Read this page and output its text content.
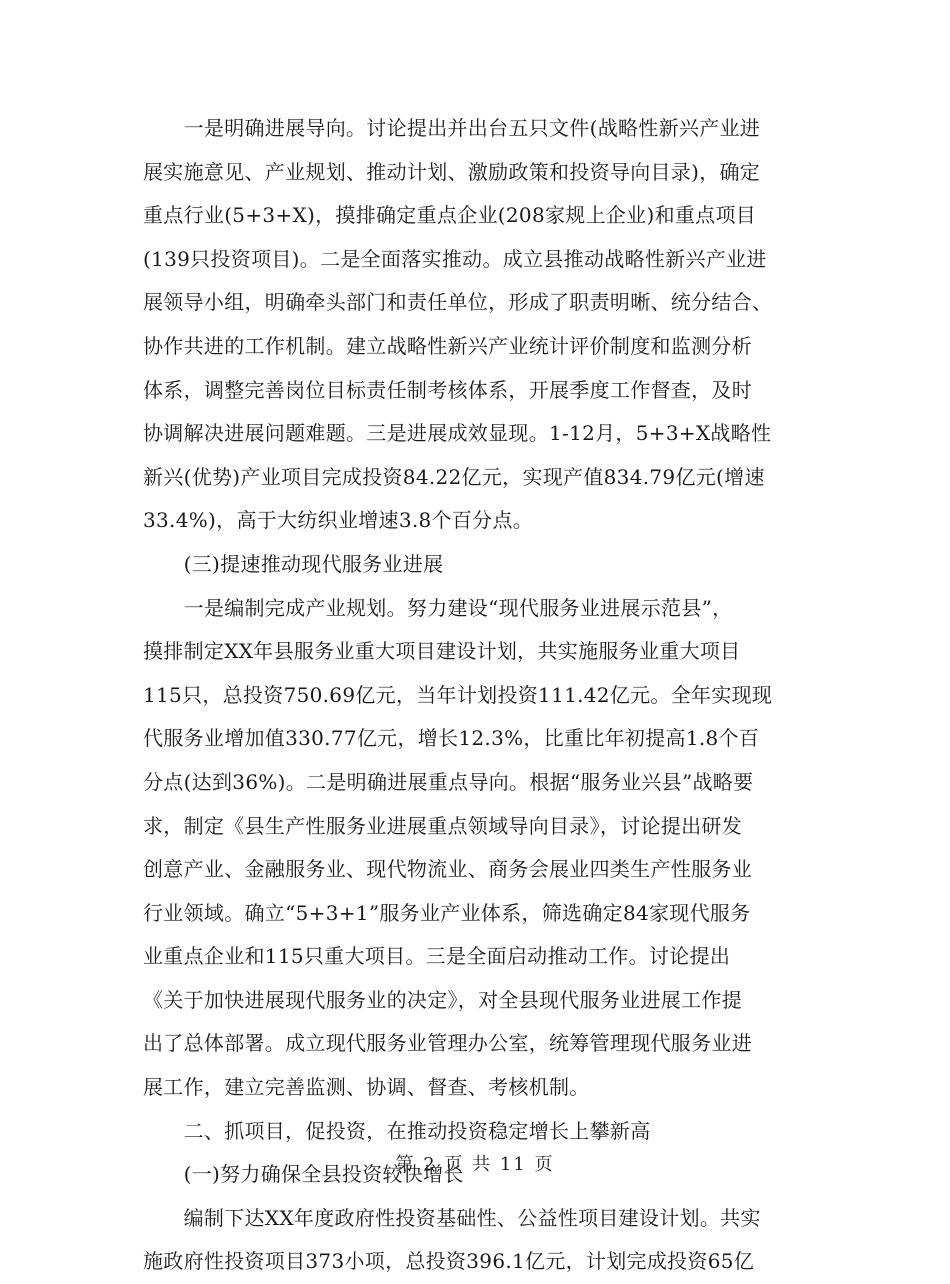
　　一是明确进展导向。讨论提出并出台五只文件(战略性新兴产业进
展实施意见、产业规划、推动计划、激励政策和投资导向目录)，确定
重点行业(5+3+X)，摸排确定重点企业(208家规上企业)和重点项目
(139只投资项目)。二是全面落实推动。成立县推动战略性新兴产业进
展领导小组，明确牵头部门和责任单位，形成了职责明晰、统分结合、
协作共进的工作机制。建立战略性新兴产业统计评价制度和监测分析
体系，调整完善岗位目标责任制考核体系，开展季度工作督查，及时
协调解决进展问题难题。三是进展成效显现。1-12月，5+3+X战略性
新兴(优势)产业项目完成投资84.22亿元，实现产值834.79亿元(增速
33.4%)，高于大纺织业增速3.8个百分点。
　　(三)提速推动现代服务业进展
　　一是编制完成产业规划。努力建设“现代服务业进展示范县”，
摸排制定XX年县服务业重大项目建设计划，共实施服务业重大项目
115只，总投资750.69亿元，当年计划投资111.42亿元。全年实现现
代服务业增加值330.77亿元，增长12.3%，比重比年初提高1.8个百
分点(达到36%)。二是明确进展重点导向。根据“服务业兴县”战略要
求，制定《县生产性服务业进展重点领域导向目录》，讨论提出研发
创意产业、金融服务业、现代物流业、商务会展业四类生产性服务业
行业领域。确立“5+3+1”服务业产业体系，筛选确定84家现代服务
业重点企业和115只重大项目。三是全面启动推动工作。讨论提出
《关于加快进展现代服务业的决定》，对全县现代服务业进展工作提
出了总体部署。成立现代服务业管理办公室，统筹管理现代服务业进
展工作，建立完善监测、协调、督查、考核机制。
　　二、抓项目，促投资，在推动投资稳定增长上攀新高
　　(一)努力确保全县投资较快增长
　　编制下达XX年度政府性投资基础性、公益性项目建设计划。共实
施政府性投资项目373小项，总投资396.1亿元，计划完成投资65亿
第 2 页 共 11 页
